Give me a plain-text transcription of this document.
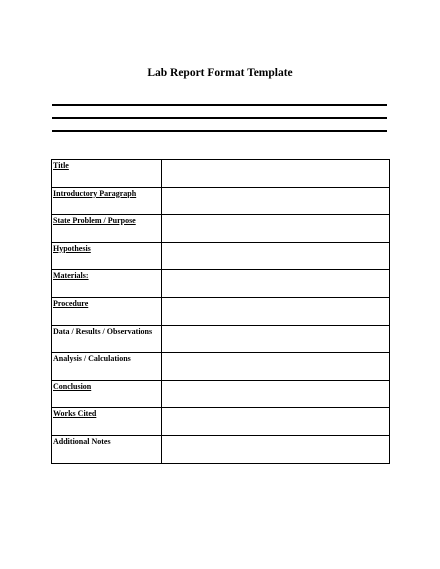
Lab Report Format Template
Title	
Introductory Paragraph	
State Problem / Purpose	
Hypothesis	
Materials:	
Procedure	
Data / Results / Observations	
Analysis / Calculations	
Conclusion	
Works Cited	
Additional Notes	
